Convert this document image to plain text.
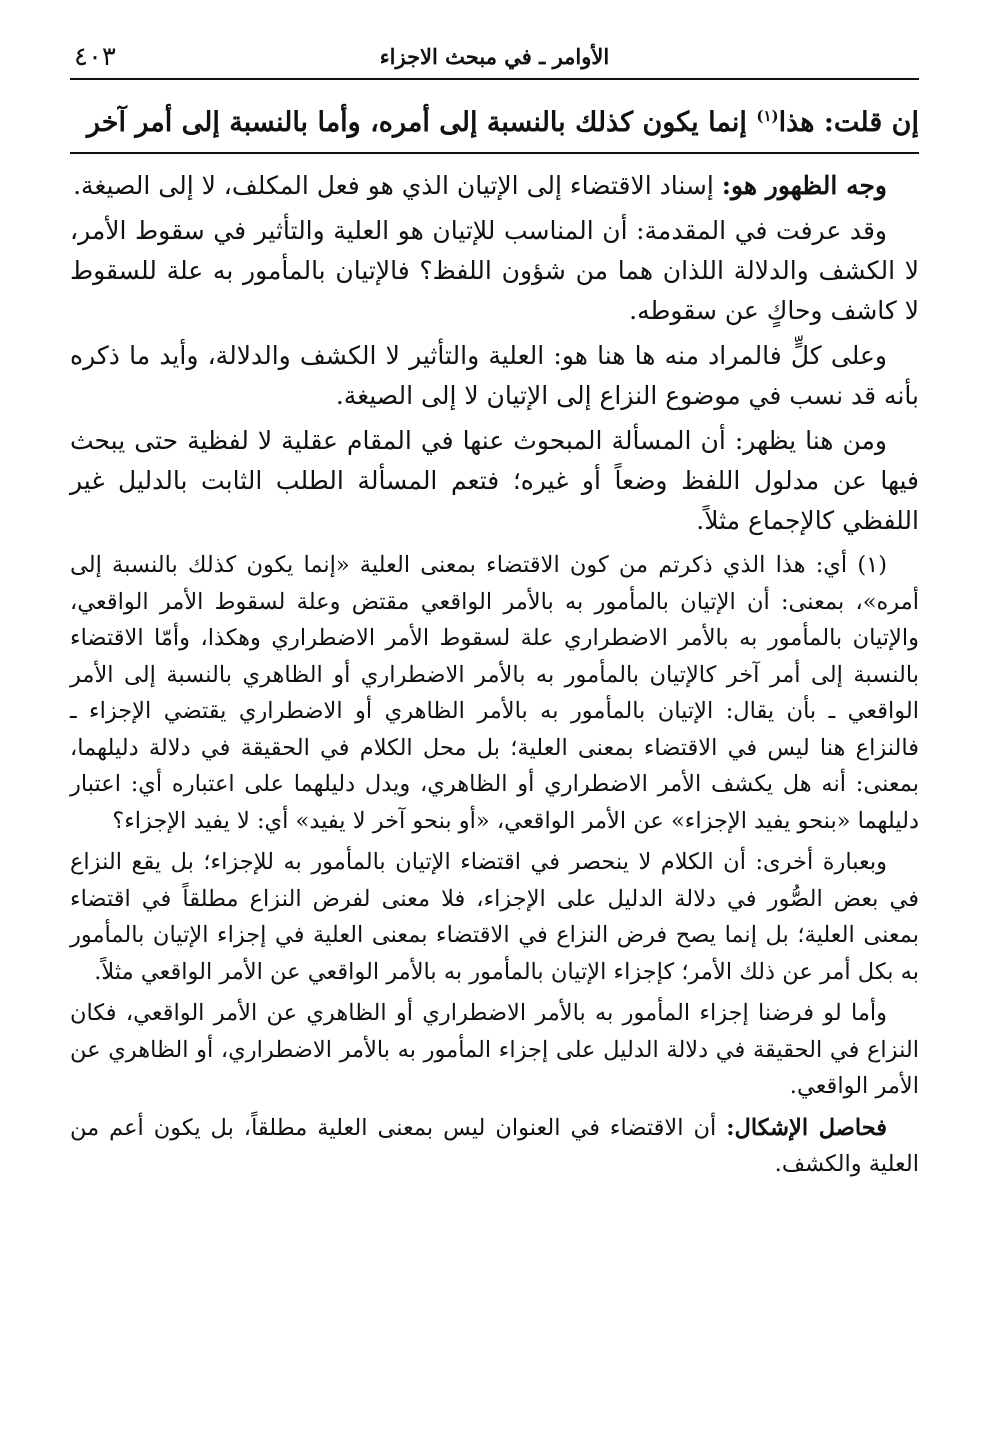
الأوامر ـ في مبحث الاجزاء
٤٠٣
إن قلت: هذا$^{(١)}$ إنما يكون كذلك بالنسبة إلى أمره، وأما بالنسبة إلى أمر آخر

وجه الظهور هو: إسناد الاقتضاء إلى الإتيان الذي هو فعل المكلف، لا إلى الصيغة.

وقد عرفت في المقدمة: أن المناسب للإتيان هو العلية والتأثير في سقوط الأمر، لا الكشف والدلالة اللذان هما من شؤون اللفظ؟ فالإتيان بالمأمور به علة للسقوط لا كاشف وحاكٍ عن سقوطه.

وعلى كلٍّ فالمراد منه ها هنا هو: العلية والتأثير لا الكشف والدلالة، وأيد ما ذكره بأنه قد نسب في موضوع النزاع إلى الإتيان لا إلى الصيغة.

ومن هنا يظهر: أن المسألة المبحوث عنها في المقام عقلية لا لفظية حتى يبحث فيها عن مدلول اللفظ وضعاً أو غيره؛ فتعم المسألة الطلب الثابت بالدليل غير اللفظي كالإجماع مثلاً.

(١) أي: هذا الذي ذكرتم من كون الاقتضاء بمعنى العلية «إنما يكون كذلك بالنسبة إلى أمره»، بمعنى: أن الإتيان بالمأمور به بالأمر الواقعي مقتض وعلة لسقوط الأمر الواقعي، والإتيان بالمأمور به بالأمر الاضطراري علة لسقوط الأمر الاضطراري وهكذا، وأمّا الاقتضاء بالنسبة إلى أمر آخر كالإتيان بالمأمور به بالأمر الاضطراري أو الظاهري بالنسبة إلى الأمر الواقعي ـ بأن يقال: الإتيان بالمأمور به بالأمر الظاهري أو الاضطراري يقتضي الإجزاء ـ فالنزاع هنا ليس في الاقتضاء بمعنى العلية؛ بل محل الكلام في الحقيقة في دلالة دليلهما، بمعنى: أنه هل يكشف الأمر الاضطراري أو الظاهري، ويدل دليلهما على اعتباره أي: اعتبار دليلهما «بنحو يفيد الإجزاء» عن الأمر الواقعي، «أو بنحو آخر لا يفيد» أي: لا يفيد الإجزاء؟

وبعبارة أخرى: أن الكلام لا ينحصر في اقتضاء الإتيان بالمأمور به للإجزاء؛ بل يقع النزاع في بعض الصُّور في دلالة الدليل على الإجزاء، فلا معنى لفرض النزاع مطلقاً في اقتضاء بمعنى العلية؛ بل إنما يصح فرض النزاع في الاقتضاء بمعنى العلية في إجزاء الإتيان بالمأمور به بكل أمر عن ذلك الأمر؛ كإجزاء الإتيان بالمأمور به بالأمر الواقعي عن الأمر الواقعي مثلاً.

وأما لو فرضنا إجزاء المأمور به بالأمر الاضطراري أو الظاهري عن الأمر الواقعي، فكان النزاع في الحقيقة في دلالة الدليل على إجزاء المأمور به بالأمر الاضطراري، أو الظاهري عن الأمر الواقعي.

فحاصل الإشكال: أن الاقتضاء في العنوان ليس بمعنى العلية مطلقاً، بل يكون أعم من العلية والكشف.
